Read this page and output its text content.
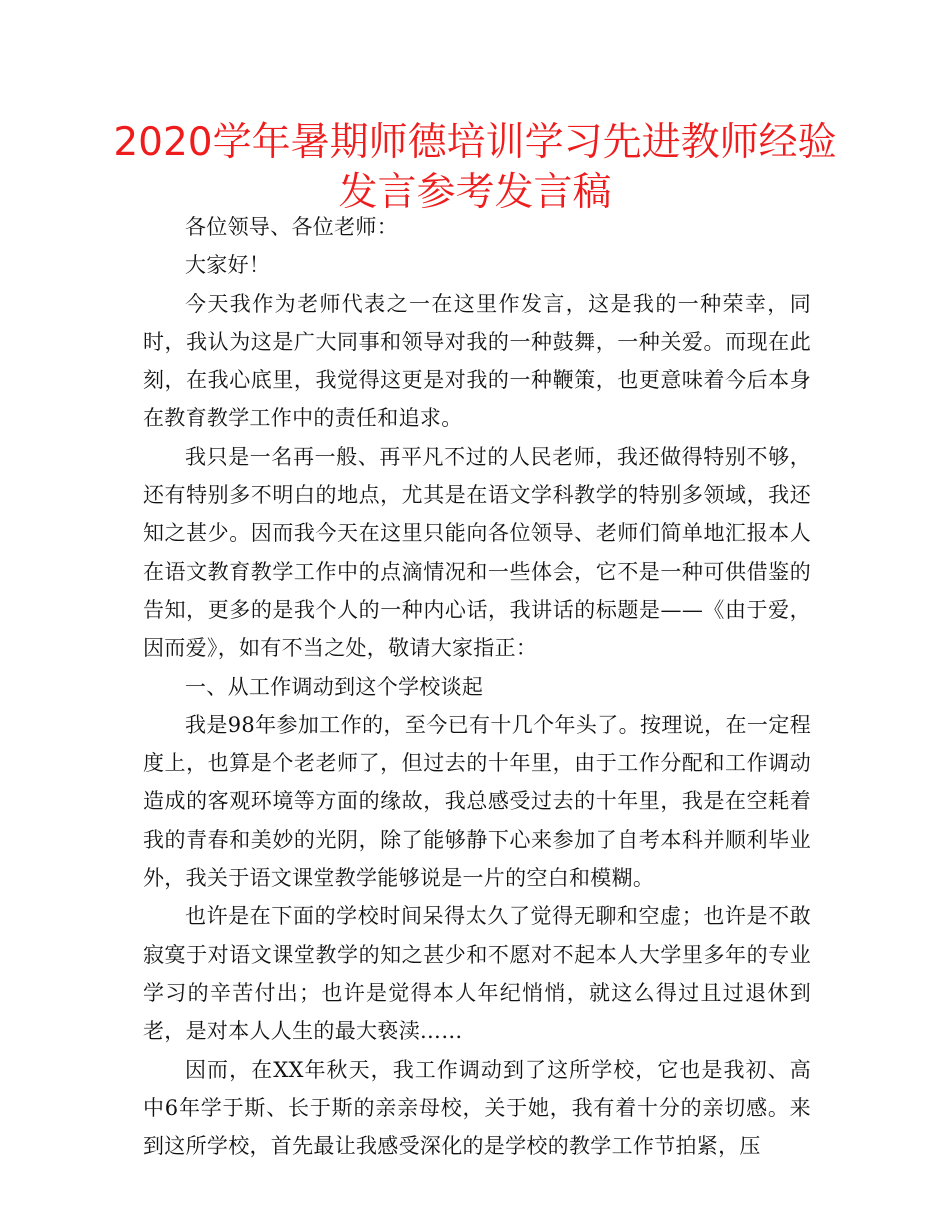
2020学年暑期师德培训学习先进教师经验
发言参考发言稿

各位领导、各位老师：

大家好！

今天我作为老师代表之一在这里作发言，这是我的一种荣幸，同时，我认为这是广大同事和领导对我的一种鼓舞，一种关爱。而现在此刻，在我心底里，我觉得这更是对我的一种鞭策，也更意味着今后本身在教育教学工作中的责任和追求。

我只是一名再一般、再平凡不过的人民老师，我还做得特别不够，还有特别多不明白的地点，尤其是在语文学科教学的特别多领域，我还知之甚少。因而我今天在这里只能向各位领导、老师们简单地汇报本人在语文教育教学工作中的点滴情况和一些体会，它不是一种可供借鉴的告知，更多的是我个人的一种内心话，我讲话的标题是——《由于爱，因而爱》，如有不当之处，敬请大家指正：

一、从工作调动到这个学校谈起

我是98年参加工作的，至今已有十几个年头了。按理说，在一定程度上，也算是个老老师了，但过去的十年里，由于工作分配和工作调动造成的客观环境等方面的缘故，我总感受过去的十年里，我是在空耗着我的青春和美妙的光阴，除了能够静下心来参加了自考本科并顺利毕业外，我关于语文课堂教学能够说是一片的空白和模糊。

也许是在下面的学校时间呆得太久了觉得无聊和空虚；也许是不敢寂寞于对语文课堂教学的知之甚少和不愿对不起本人大学里多年的专业学习的辛苦付出；也许是觉得本人年纪悄悄，就这么得过且过退休到老，是对本人人生的最大亵渎……

因而，在XX年秋天，我工作调动到了这所学校，它也是我初、高中6年学于斯、长于斯的亲亲母校，关于她，我有着十分的亲切感。来到这所学校，首先最让我感受深化的是学校的教学工作节拍紧，压
